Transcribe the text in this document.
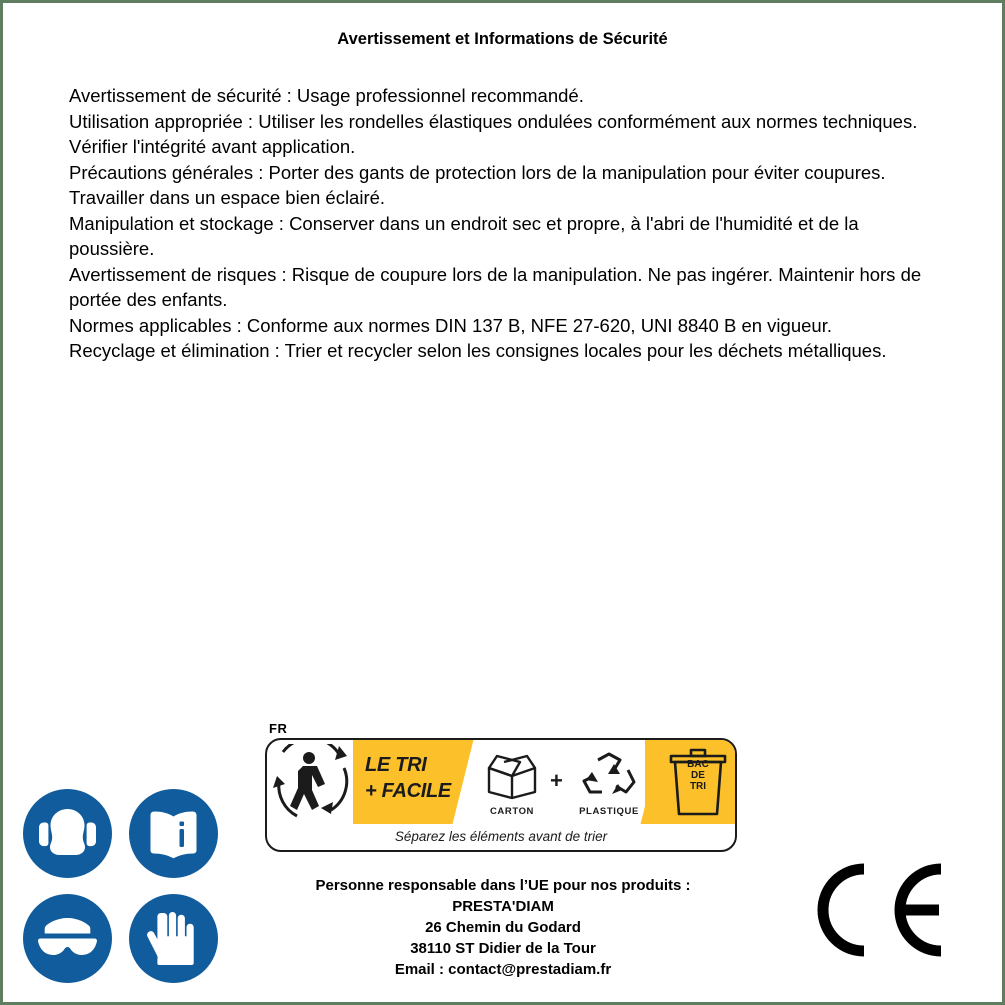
Avertissement et Informations de Sécurité

Avertissement de sécurité : Usage professionnel recommandé.

Utilisation appropriée : Utiliser les rondelles élastiques ondulées conformément aux normes techniques. Vérifier l'intégrité avant application.

Précautions générales : Porter des gants de protection lors de la manipulation pour éviter coupures. Travailler dans un espace bien éclairé.

Manipulation et stockage : Conserver dans un endroit sec et propre, à l'abri de l'humidité et de la poussière.

Avertissement de risques : Risque de coupure lors de la manipulation. Ne pas ingérer. Maintenir hors de portée des enfants.

Normes applicables : Conforme aux normes DIN 137 B, NFE 27-620, UNI 8840 B en vigueur.

Recyclage et élimination : Trier et recycler selon les consignes locales pour les déchets métalliques.

FR
LE TRI
+ FACILE
CARTON
+
PLASTIQUE
BAC
DE
TRI
Séparez les éléments avant de trier
Personne responsable dans l’UE pour nos produits :
PRESTA'DIAM
26 Chemin du Godard
38110 ST Didier de la Tour
Email : contact@prestadiam.fr
